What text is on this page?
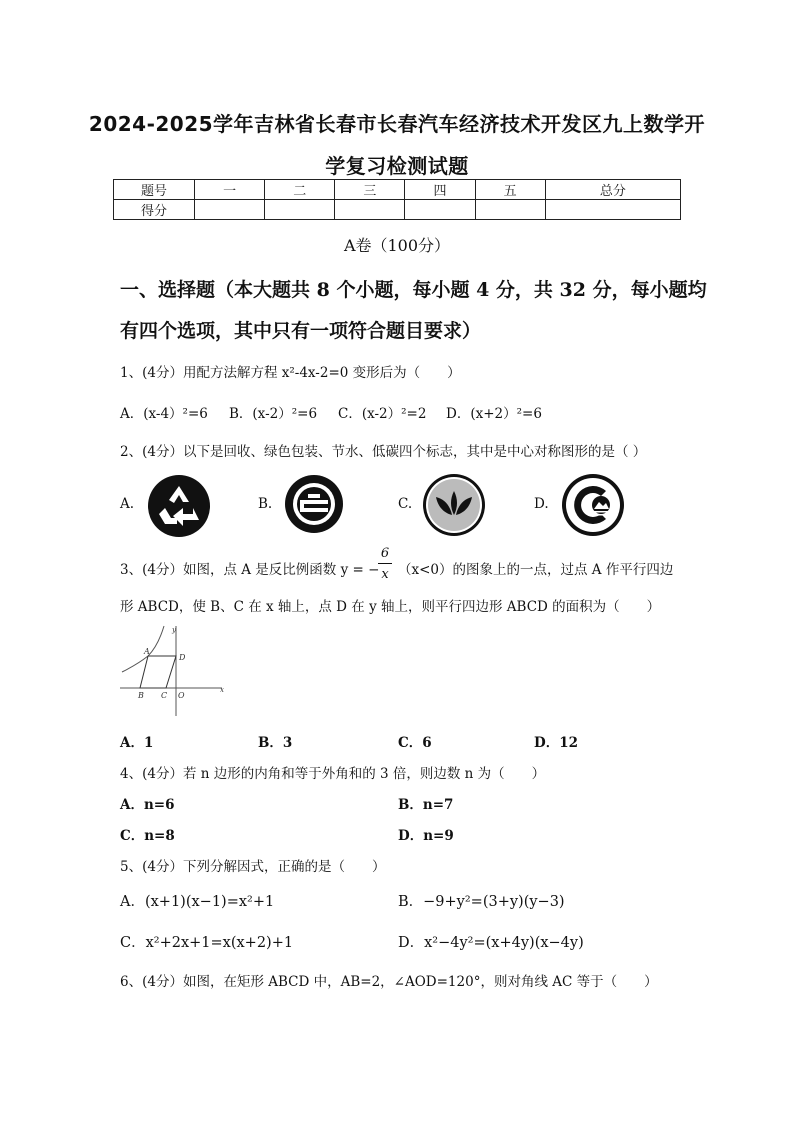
2024-2025学年吉林省长春市长春汽车经济技术开发区九上数学开
学复习检测试题
题号	一	二	三	四	五	总分
得分						
A卷（100分）
一、选择题（本大题共 8 个小题，每小题 4 分，共 32 分，每小题均
有四个选项，其中只有一项符合题目要求）
1、(4分）用配方法解方程 x²-4x-2=0 变形后为（　　）
A．(x-4）²=6 B．(x-2）²=6 C．(x-2）²=2 D．(x+2）²=6
2、(4分）以下是回收、绿色包装、节水、低碳四个标志，其中是中心对称图形的是（ ）
A.	B.	C.	D.
3、(4分）如图，点 A 是反比例函数 y = −
6
x （x<0）的图象上的一点，过点 A 作平行四边
形 ABCD，使 B、C 在 x 轴上，点 D 在 y 轴上，则平行四边形 ABCD 的面积为（　　）
A
D
B C O
x
y
A．1	B．3	C．6	D．12
4、(4分）若 n 边形的内角和等于外角和的 3 倍，则边数 n 为（　　）
A．n=6	B．n=7
C．n=8	D．n=9
5、(4分）下列分解因式，正确的是（　　）
A．(x+1)(x−1)=x²+1	B．−9+y²=(3+y)(y−3)
C．x²+2x+1=x(x+2)+1	D．x²−4y²=(x+4y)(x−4y)
6、(4分）如图，在矩形 ABCD 中，AB=2，∠AOD=120°，则对角线 AC 等于（　　）
